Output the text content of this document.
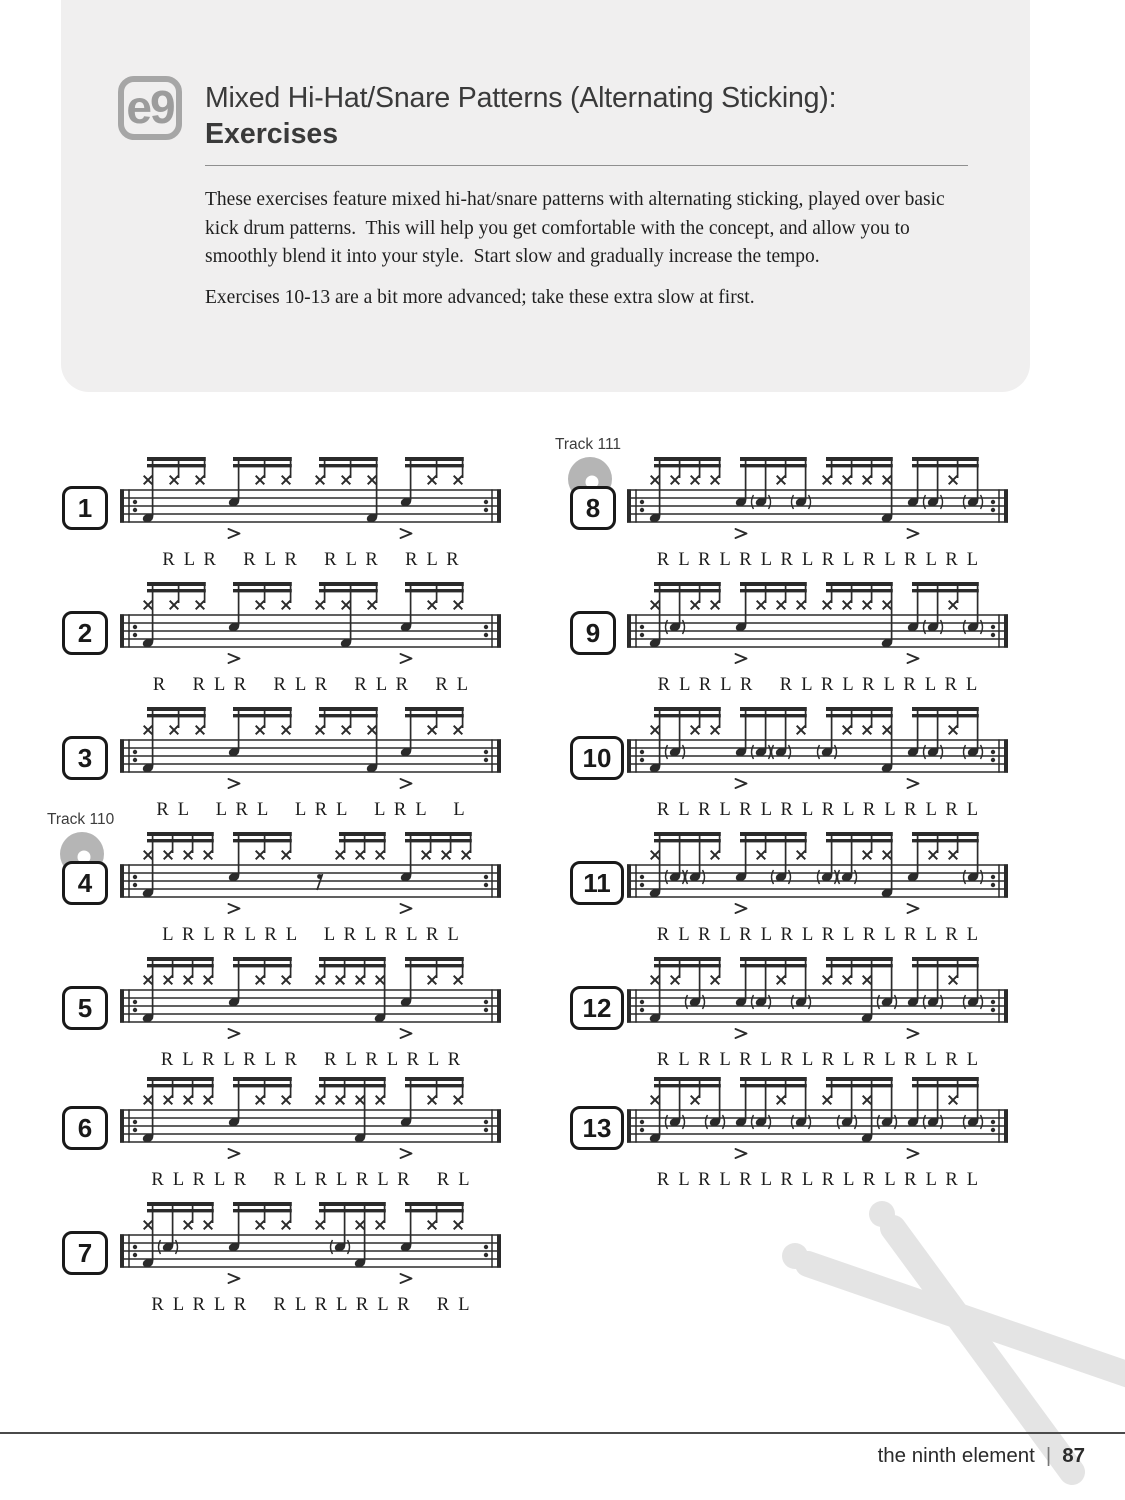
e9 Mixed Hi-Hat/Snare Patterns (Alternating Sticking):
Exercises
These exercises feature mixed hi-hat/snare patterns with alternating sticking, played over basic kick drum patterns.  This will help you get comfortable with the concept, and allow you to smoothly blend it into your style.  Start slow and gradually increase the tempo.
Exercises 10-13 are a bit more advanced; take these extra slow at first.
1
R L R   R L R   R L R   R L R
2
R   R L R   R L R   R L R   R L
3
R L   L R L   L R L   L R L   L
Track 110
4
L R L R L R L   L R L R L R L
5
R L R L R L R   R L R L R L R
6
R L R L R   R L R L R L R   R L
7
R L R L R   R L R L R L R   R L
Track 111
8
R L R L R L R L R L R L R L R L
9
R L R L R   R L R L R L R L R L
10
R L R L R L R L R L R L R L R L
11
R L R L R L R L R L R L R L R L
12
R L R L R L R L R L R L R L R L
13
R L R L R L R L R L R L R L R L
the ninth element | 87
